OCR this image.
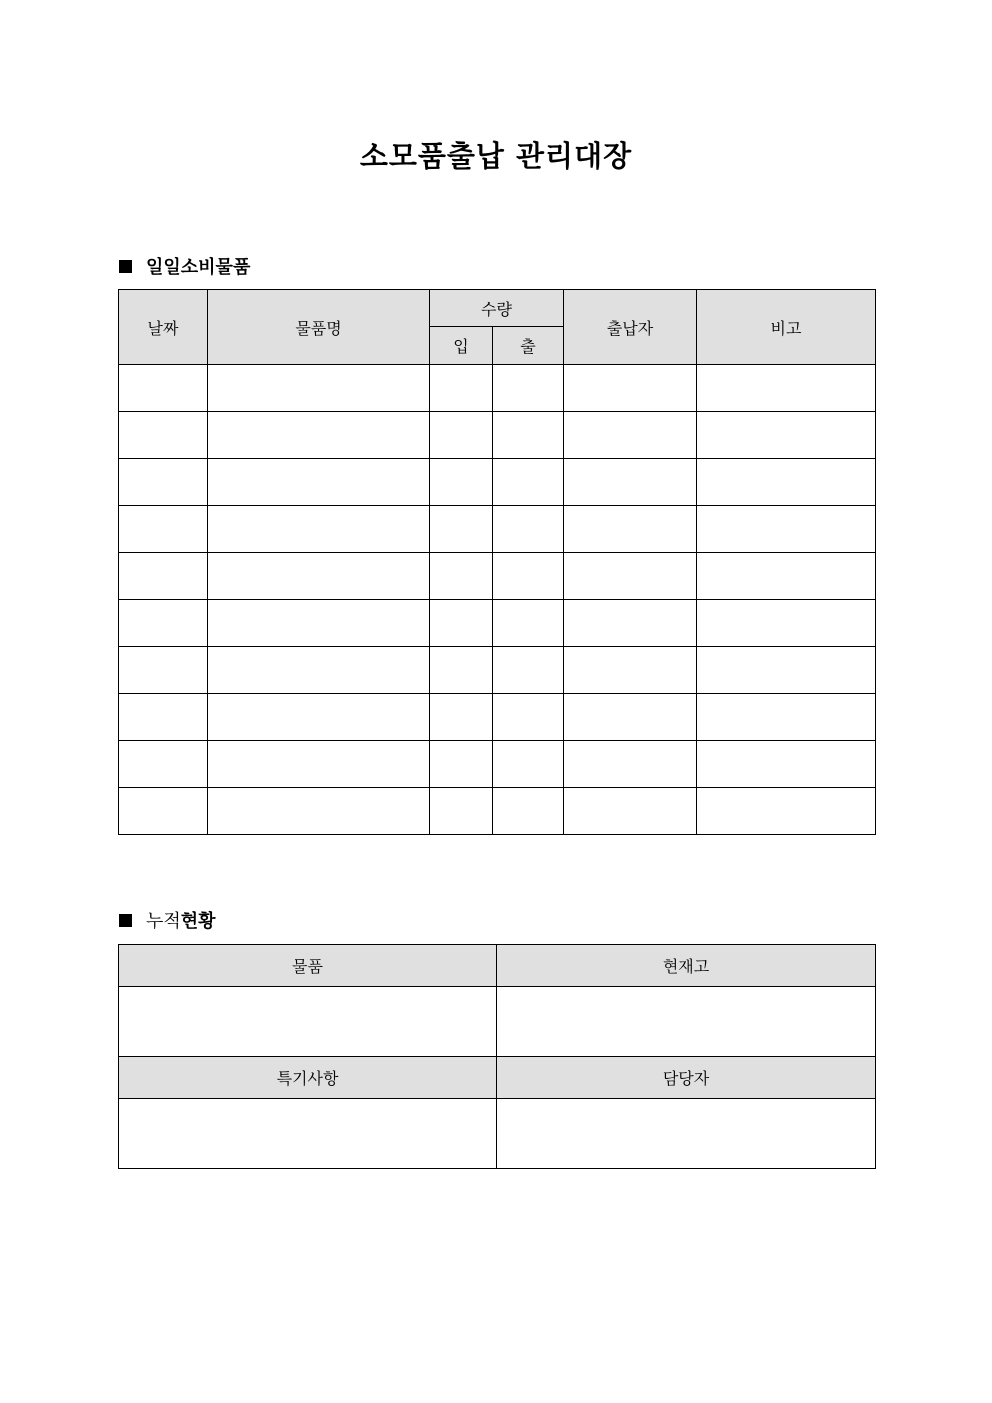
소모품출납 관리대장
일일소비물품
날짜	물품명	수량		출납자	비고
		입	출		

누적 현황
물품	현재고

특기사항	담당자
